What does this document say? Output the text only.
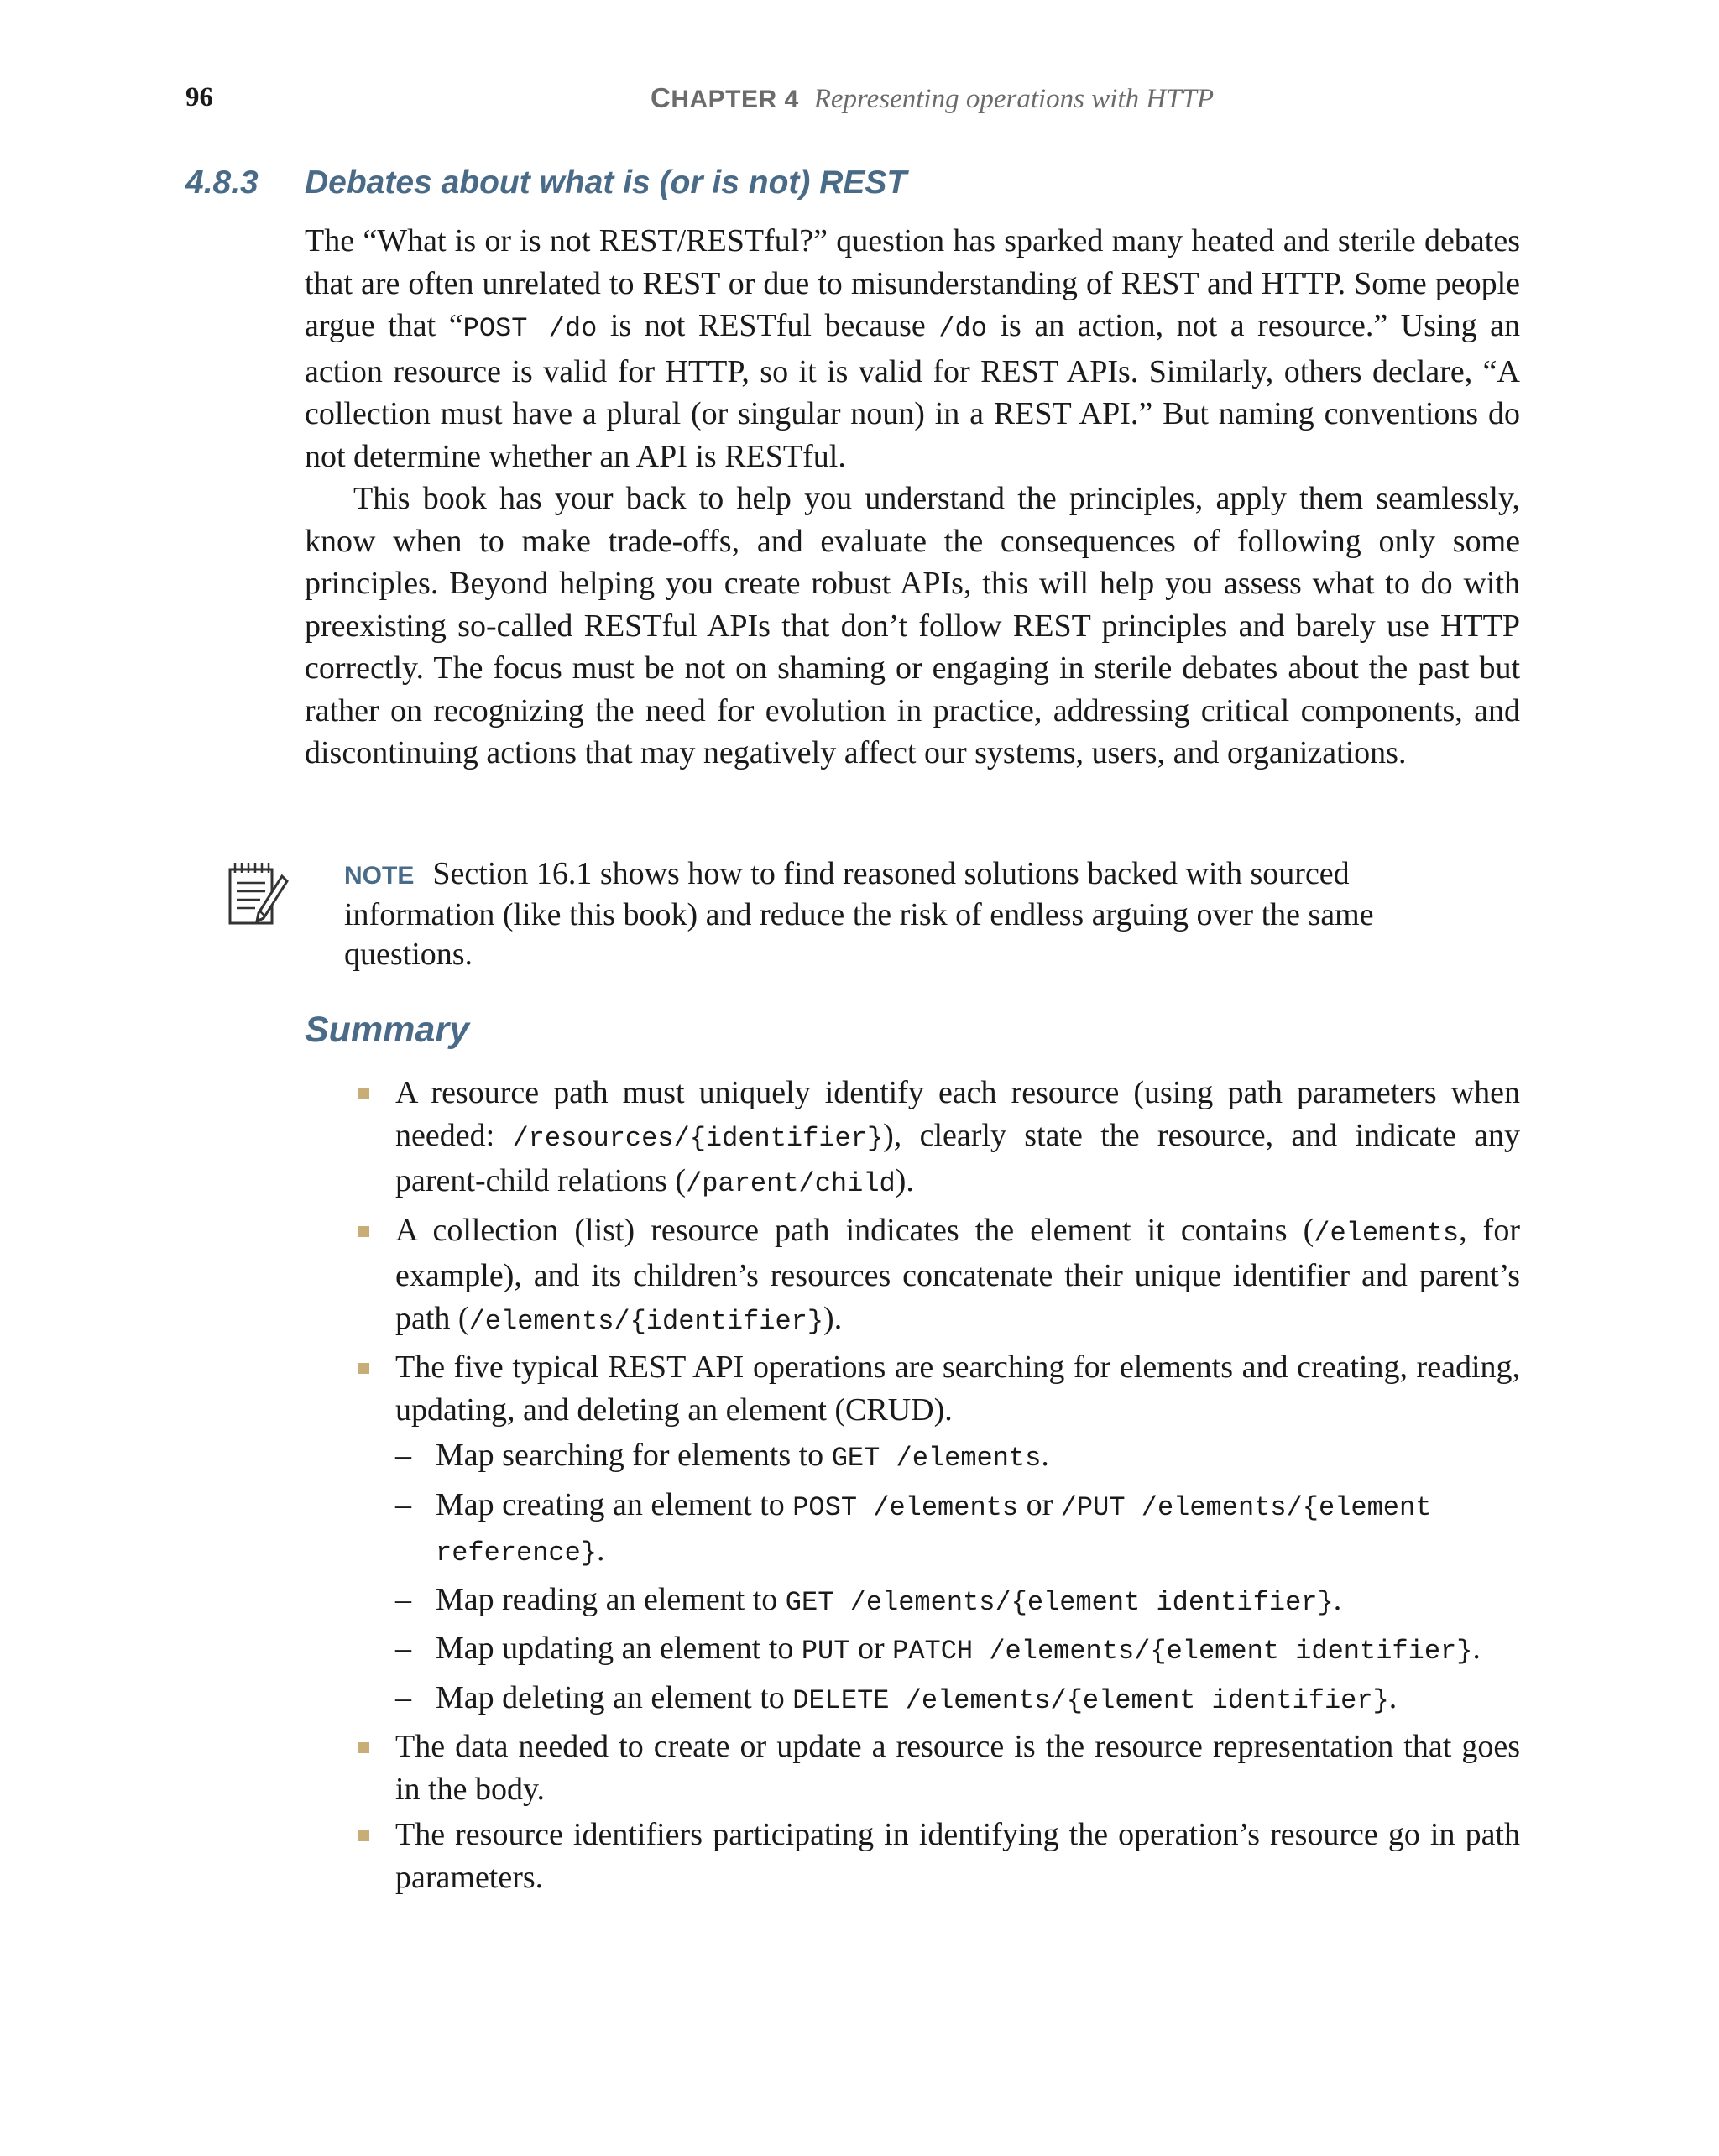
96	CHAPTER 4 Representing operations with HTTP
4.8.3 Debates about what is (or is not) REST

The “What is or is not REST/RESTful?” question has sparked many heated and sterile debates that are often unrelated to REST or due to misunderstanding of REST and HTTP. Some people argue that “POST /do is not RESTful because /do is an action, not a resource.” Using an action resource is valid for HTTP, so it is valid for REST APIs. Similarly, others declare, “A collection must have a plural (or singular noun) in a REST API.” But naming conventions do not determine whether an API is RESTful.

This book has your back to help you understand the principles, apply them seamlessly, know when to make trade-offs, and evaluate the consequences of following only some principles. Beyond helping you create robust APIs, this will help you assess what to do with preexisting so-called RESTful APIs that don’t follow REST principles and barely use HTTP correctly. The focus must be not on shaming or engaging in sterile debates about the past but rather on recognizing the need for evolution in practice, addressing critical components, and discontinuing actions that may negatively affect our systems, users, and organizations.

NOTE Section 16.1 shows how to find reasoned solutions backed with sourced information (like this book) and reduce the risk of endless arguing over the same questions.
Summary
A resource path must uniquely identify each resource (using path parameters when needed: /resources/{identifier}), clearly state the resource, and indicate any parent-child relations (/parent/child).
A collection (list) resource path indicates the element it contains (/elements, for example), and its children’s resources concatenate their unique identifier and parent’s path (/elements/{identifier}).
The five typical REST API operations are searching for elements and creating, reading, updating, and deleting an element (CRUD).
– Map searching for elements to GET /elements.
– Map creating an element to POST /elements or /PUT /elements/{element reference}.
– Map reading an element to GET /elements/{element identifier}.
– Map updating an element to PUT or PATCH /elements/{element identifier}.
– Map deleting an element to DELETE /elements/{element identifier}.
The data needed to create or update a resource is the resource representation that goes in the body.
The resource identifiers participating in identifying the operation’s resource go in path parameters.
